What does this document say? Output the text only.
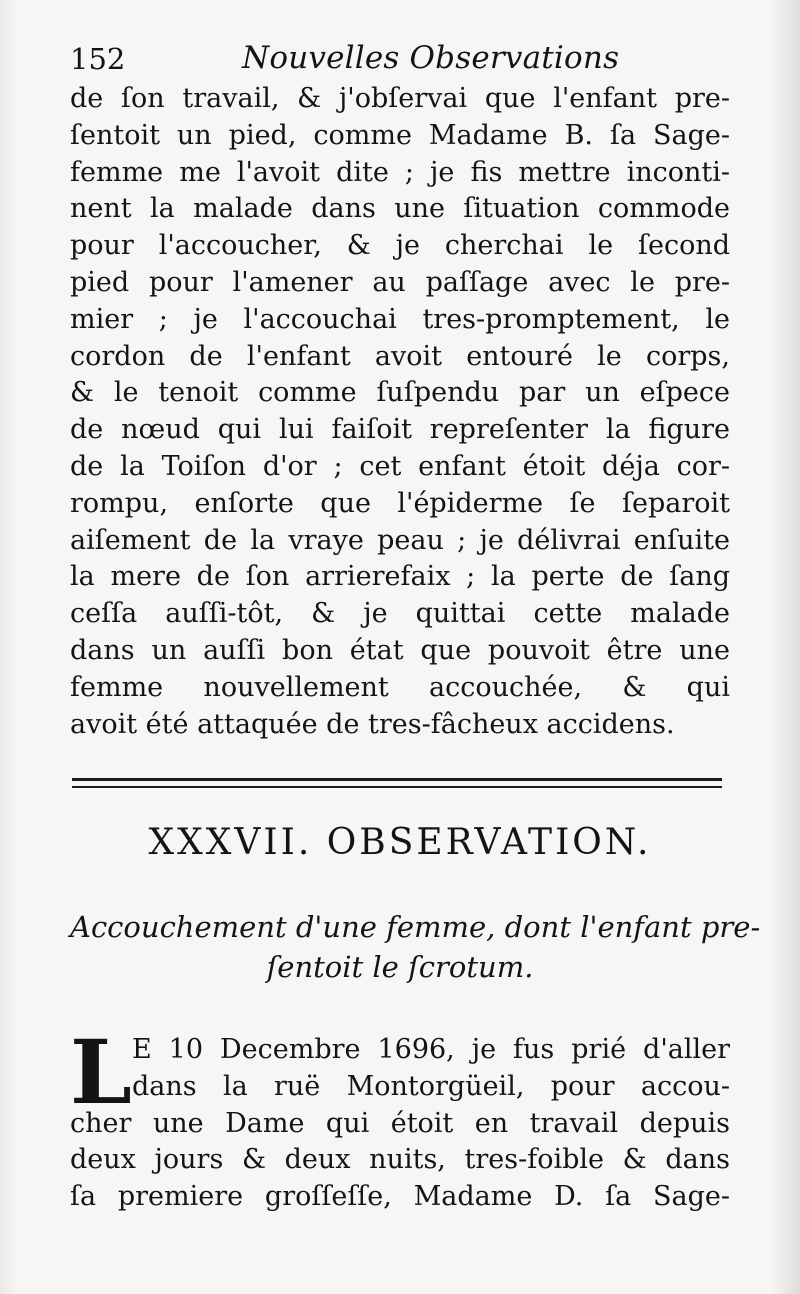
152	Nouvelles Observations
de ſon travail, & j'obſervai que l'enfant pre-
ſentoit un pied, comme Madame B. ſa Sage-
femme me l'avoit dite ; je fis mettre inconti-
nent la malade dans une ſituation commode
pour l'accoucher, & je cherchai le ſecond
pied pour l'amener au paſſage avec le pre-
mier ; je l'accouchai tres-promptement, le
cordon de l'enfant avoit entouré le corps,
& le tenoit comme ſuſpendu par un eſpece
de nœud qui lui faiſoit repreſenter la figure
de la Toiſon d'or ; cet enfant étoit déja cor-
rompu, enſorte que l'épiderme ſe ſeparoit
aiſement de la vraye peau ; je délivrai enſuite
la mere de ſon arrierefaix ; la perte de ſang
ceſſa auſſi-tôt, & je quittai cette malade
dans un auſſi bon état que pouvoit être une
femme nouvellement accouchée, & qui
avoit été attaquée de tres-fâcheux accidens.
XXXVII. OBSERVATION.
Accouchement d'une femme, dont l'enfant pre-
ſentoit le ſcrotum.
L E 10 Decembre 1696, je fus prié d'aller
dans la ruë Montorgüeil, pour accou-
cher une Dame qui étoit en travail depuis
deux jours & deux nuits, tres-foible & dans
ſa premiere groſſeſſe, Madame D. ſa Sage-
